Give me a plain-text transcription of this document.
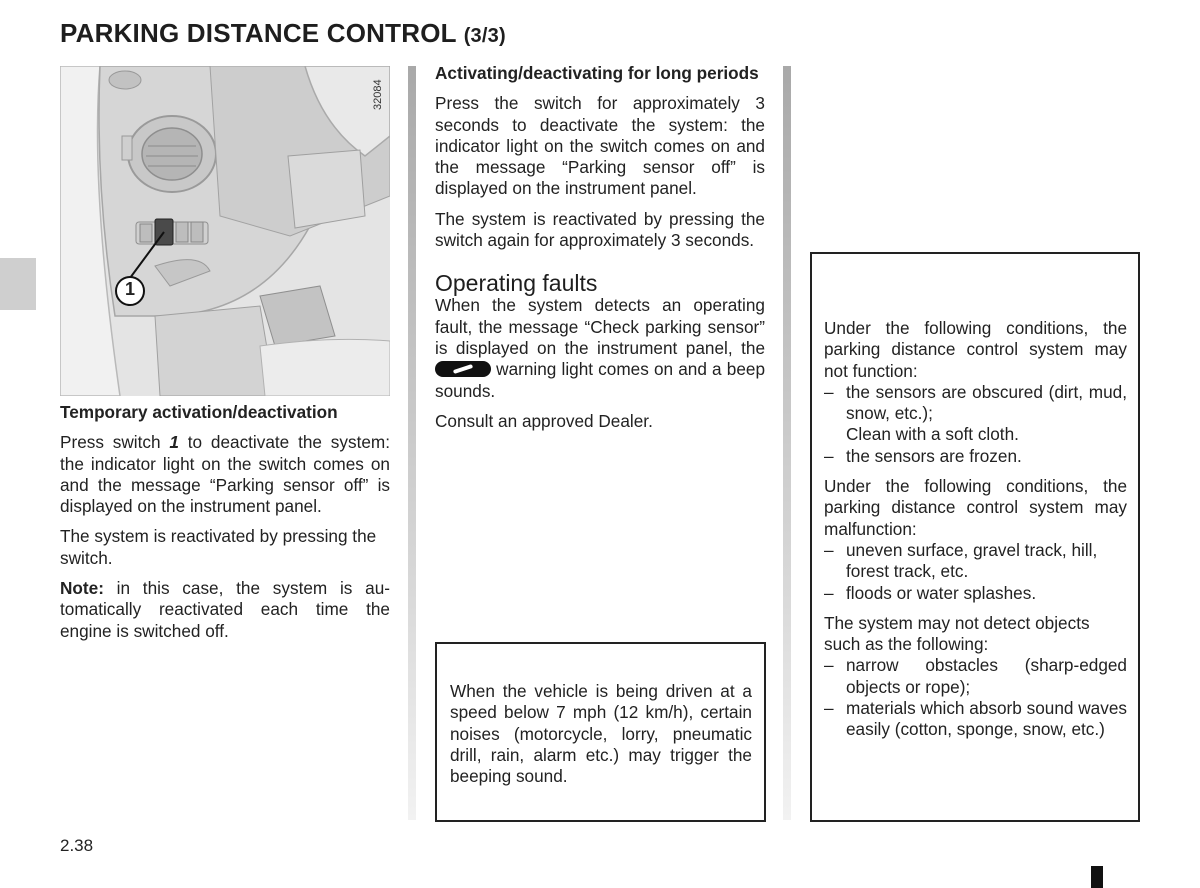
PARKING DISTANCE CONTROL (3/3)
1
32084

Temporary activation/deactivation

Press switch 1 to deactivate the system: the indicator light on the switch comes on and the message “Parking sensor off” is displayed on the instrument panel.

The system is reactivated by pressing the switch.

Note: in this case, the system is automatically reactivated each time the engine is switched off.

Activating/deactivating for long periods

Press the switch for approximately 3 seconds to deactivate the system: the indicator light on the switch comes on and the message “Parking sensor off” is displayed on the instrument panel.

The system is reactivated by pressing the switch again for approximately 3 seconds.

Operating faults

When the system detects an operating fault, the message “Check parking sensor” is displayed on the instrument panel, the  warning light comes on and a beep sounds.

Consult an approved Dealer.

When the vehicle is being driven at a speed below 7 mph (12 km/h), certain noises (motorcycle, lorry, pneumatic drill, rain, alarm etc.) may trigger the beeping sound.

Under the following conditions, the parking distance control system may not function:

– the sensors are obscured (dirt, mud, snow, etc.);
Clean with a soft cloth.
– the sensors are frozen.

Under the following conditions, the parking distance control system may malfunction:

– uneven surface, gravel track, hill, forest track, etc.
– floods or water splashes.

The system may not detect objects such as the following:

– narrow obstacles (sharp-edged objects or rope);
– materials which absorb sound waves easily (cotton, sponge, snow, etc.)
2.38
